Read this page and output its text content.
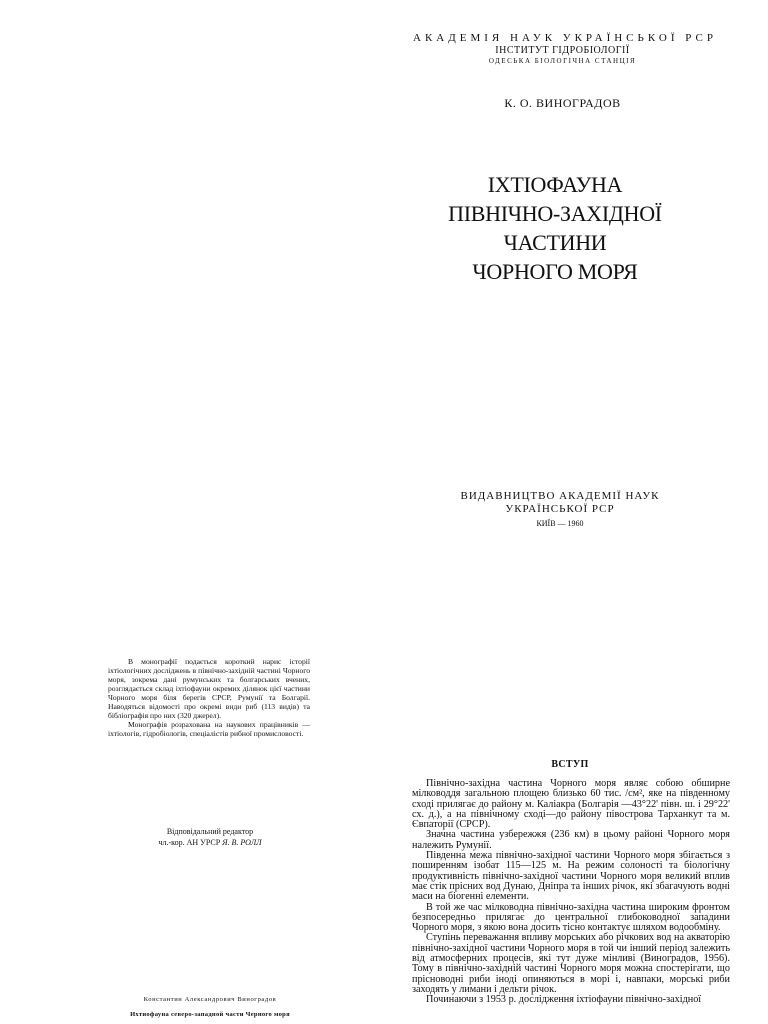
АКАДЕМІЯ НАУК УКРАЇНСЬКОЇ РСР
ІНСТИТУТ ГІДРОБІОЛОГІЇ
ОДЕСЬКА БІОЛОГІЧНА СТАНЦІЯ
К. О. ВИНОГРАДОВ
ІХТІОФАУНА
ПІВНІЧНО-ЗАХІДНОЇ
ЧАСТИНИ
ЧОРНОГО МОРЯ
ВИДАВНИЦТВО АКАДЕМІЇ НАУК
УКРАЇНСЬКОЇ РСР
КИЇВ — 1960

В монографії подається короткий нарис історії іхтіологічних досліджень в північно-західній частині Чорного моря, зокрема дані румунських та болгарських вчених, розглядається склад іхтіофауни окремих ділянок цієї частини Чорного моря біля берегів СРСР, Румунії та Болгарії. Наводяться відомості про окремі види риб (113 видів) та бібліографія про них (320 джерел).

Монографія розрахована на наукових працівників — іхтіологів, гідробіологів, спеціалістів рибної промисловості.

Відповідальний редактор
чл.-кор. АН УРСР Я. В. РОЛЛ
Константин Александрович Виноградов
Ихтиофауна северо-западной части Черного моря
ВСТУП

Північно-західна частина Чорного моря являє собою обширне мілководдя загальною площею близько 60 тис. /см², яке на південному сході прилягає до району м. Каліакра (Болгарія —43°22' півн. ш. і 29°22' сх. д.), а на північному сході—до району півострова Тарханкут та м. Євпаторії (СРСР).

Значна частина узбережжя (236 км) в цьому районі Чорного моря належить Румунії.

Південна межа північно-західної частини Чорного моря збігається з поширенням ізобат 115—125 м. На режим солоності та біологічну продуктивність північно-західної частини Чорного моря великий вплив має стік прісних вод Дунаю, Дніпра та інших річок, які збагачують водні маси на біогенні елементи.

В той же час мілководна північно-західна частина широким фронтом безпосередньо прилягає до центральної глибоководної западини Чорного моря, з якою вона досить тісно контактує шляхом водообміну.

Ступінь переважання впливу морських або річкових вод на акваторію північно-західної частини Чорного моря в той чи інший період залежить від атмосферних процесів, які тут дуже мінливі (Виноградов, 1956). Тому в північно-західній частині Чорного моря можна спостерігати, що прісноводні риби іноді опиняються в морі і, навпаки, морські риби заходять у лимани і дельти річок.

Починаючи з 1953 р. дослідження іхтіофауни північно-західної
